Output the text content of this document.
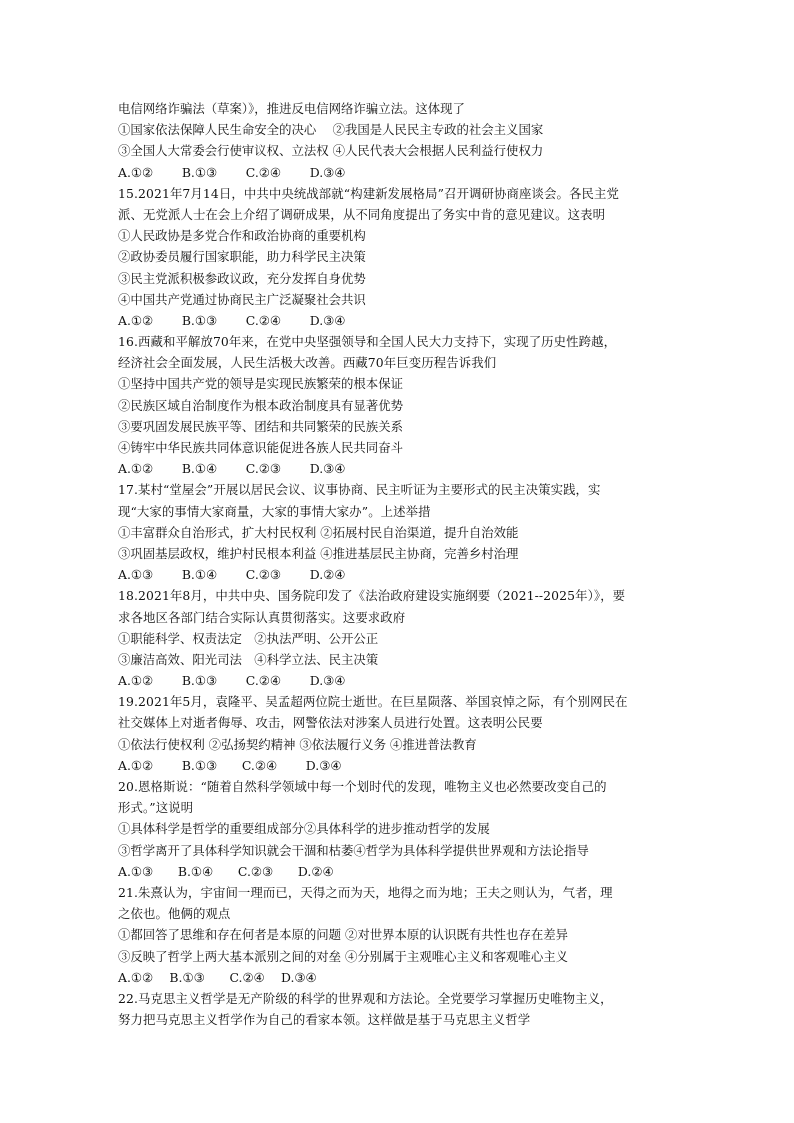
电信网络诈骗法（草案）》，推进反电信网络诈骗立法。这体现了
①国家依法保障人民生命安全的决心　 ②我国是人民民主专政的社会主义国家
③全国人大常委会行使审议权、立法权 ④人民代表大会根据人民利益行使权力
A.①②　　 B.①③　　 C.②④　　 D.③④
15.2021年7月14日，中共中央统战部就“构建新发展格局”召开调研协商座谈会。各民主党
派、无党派人士在会上介绍了调研成果，从不同角度提出了务实中肯的意见建议。这表明
①人民政协是多党合作和政治协商的重要机构
②政协委员履行国家职能，助力科学民主决策
③民主党派积极参政议政，充分发挥自身优势
④中国共产党通过协商民主广泛凝聚社会共识
A.①②　　 B.①③　　 C.②④　　 D.③④
16.西藏和平解放70年来，在党中央坚强领导和全国人民大力支持下，实现了历史性跨越，
经济社会全面发展，人民生活极大改善。西藏70年巨变历程告诉我们
①坚持中国共产党的领导是实现民族繁荣的根本保证
②民族区域自治制度作为根本政治制度具有显著优势
③要巩固发展民族平等、团结和共同繁荣的民族关系
④铸牢中华民族共同体意识能促进各族人民共同奋斗
A.①②　　 B.①④　　 C.②③　　 D.③④
17.某村“堂屋会”开展以居民会议、议事协商、民主听证为主要形式的民主决策实践，实
现“大家的事情大家商量，大家的事情大家办”。上述举措
①丰富群众自治形式，扩大村民权利 ②拓展村民自治渠道，提升自治效能
③巩固基层政权，维护村民根本利益 ④推进基层民主协商，完善乡村治理
A.①③　　 B.①④　　 C.②③　　 D.②④
18.2021年8月，中共中央、国务院印发了《法治政府建设实施纲要（2021--2025年）》，要
求各地区各部门结合实际认真贯彻落实。这要求政府
①职能科学、权责法定　②执法严明、公开公正
③廉洁高效、阳光司法　④科学立法、民主决策
A.①②　　 B.①③　　 C.②④　　 D.③④
19.2021年5月，袁隆平、吴孟超两位院士逝世。在巨星陨落、举国哀悼之际，有个别网民在
社交媒体上对逝者侮辱、攻击，网警依法对涉案人员进行处置。这表明公民要
①依法行使权利 ②弘扬契约精神 ③依法履行义务 ④推进普法教育
A.①②　　 B.①③　　C.②④　　 D.③④
20.恩格斯说：“随着自然科学领域中每一个划时代的发现，唯物主义也必然要改变自己的
形式。”这说明
①具体科学是哲学的重要组成部分②具体科学的进步推动哲学的发展
③哲学离开了具体科学知识就会干涸和枯萎④哲学为具体科学提供世界观和方法论指导
A.①③　　B.①④　　C.②③　　D.②④
21.朱熹认为，宇宙间一理而已，天得之而为天，地得之而为地；王夫之则认为，气者，理
之依也。他俩的观点
①都回答了思维和存在何者是本原的问题 ②对世界本原的认识既有共性也存在差异
③反映了哲学上两大基本派别之间的对垒 ④分别属于主观唯心主义和客观唯心主义
A.①②　 B.①③　　C.②④　 D.③④
22.马克思主义哲学是无产阶级的科学的世界观和方法论。全党要学习掌握历史唯物主义，
努力把马克思主义哲学作为自己的看家本领。这样做是基于马克思主义哲学
